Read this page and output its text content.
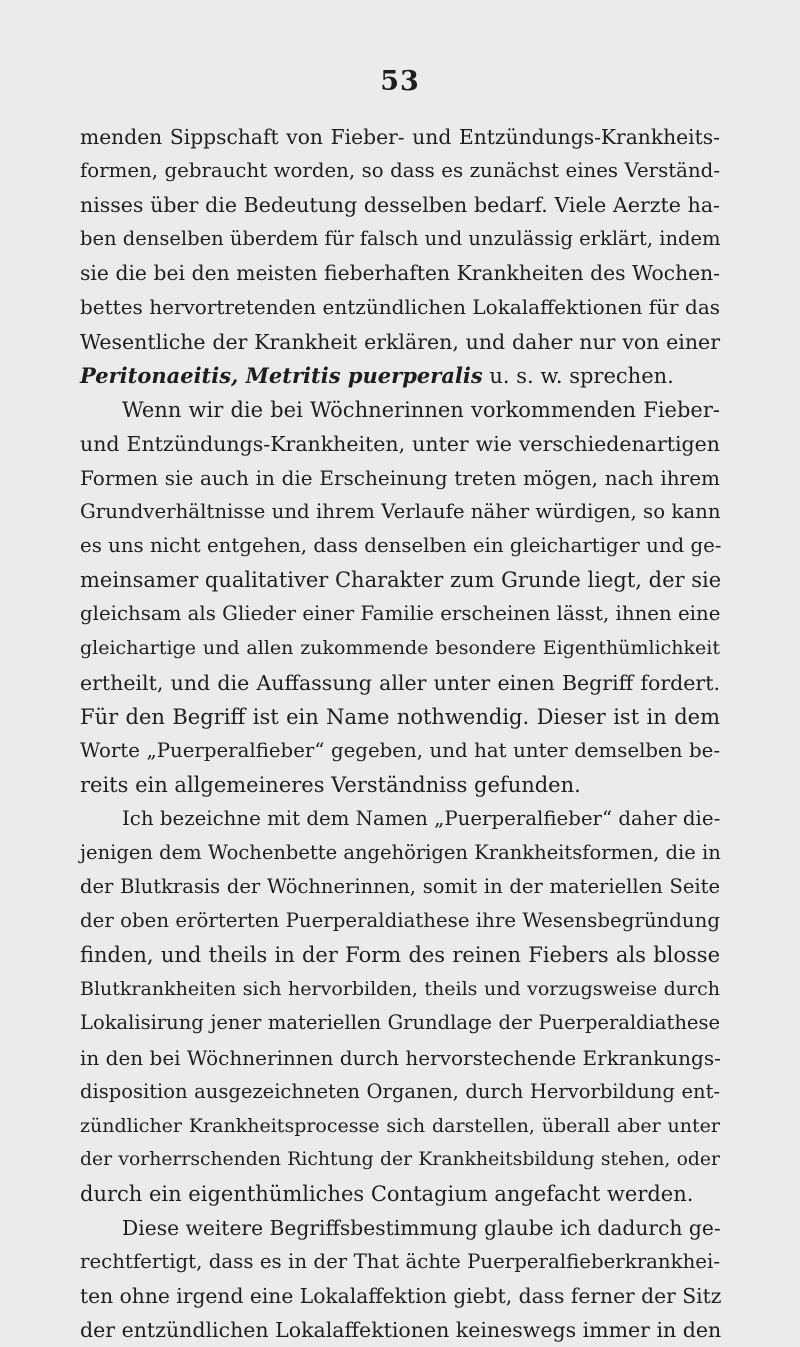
53
menden Sippschaft von Fieber- und Entzündungs-Krankheits-
formen, gebraucht worden, so dass es zunächst eines Verständ-
nisses über die Bedeutung desselben bedarf. Viele Aerzte ha-
ben denselben überdem für falsch und unzulässig erklärt, indem
sie die bei den meisten fieberhaften Krankheiten des Wochen-
bettes hervortretenden entzündlichen Lokalaffektionen für das
Wesentliche der Krankheit erklären, und daher nur von einer
Peritonaeitis, Metritis puerperalis u. s. w. sprechen.
Wenn wir die bei Wöchnerinnen vorkommenden Fieber-
und Entzündungs-Krankheiten, unter wie verschiedenartigen
Formen sie auch in die Erscheinung treten mögen, nach ihrem
Grundverhältnisse und ihrem Verlaufe näher würdigen, so kann
es uns nicht entgehen, dass denselben ein gleichartiger und ge-
meinsamer qualitativer Charakter zum Grunde liegt, der sie
gleichsam als Glieder einer Familie erscheinen lässt, ihnen eine
gleichartige und allen zukommende besondere Eigenthümlichkeit
ertheilt, und die Auffassung aller unter einen Begriff fordert.
Für den Begriff ist ein Name nothwendig. Dieser ist in dem
Worte „Puerperalfieber“ gegeben, und hat unter demselben be-
reits ein allgemeineres Verständniss gefunden.
Ich bezeichne mit dem Namen „Puerperalfieber“ daher die-
jenigen dem Wochenbette angehörigen Krankheitsformen, die in
der Blutkrasis der Wöchnerinnen, somit in der materiellen Seite
der oben erörterten Puerperaldiathese ihre Wesensbegründung
finden, und theils in der Form des reinen Fiebers als blosse
Blutkrankheiten sich hervorbilden, theils und vorzugsweise durch
Lokalisirung jener materiellen Grundlage der Puerperaldiathese
in den bei Wöchnerinnen durch hervorstechende Erkrankungs-
disposition ausgezeichneten Organen, durch Hervorbildung ent-
zündlicher Krankheitsprocesse sich darstellen, überall aber unter
der vorherrschenden Richtung der Krankheitsbildung stehen, oder
durch ein eigenthümliches Contagium angefacht werden.
Diese weitere Begriffsbestimmung glaube ich dadurch ge-
rechtfertigt, dass es in der That ächte Puerperalfieberkrankhei-
ten ohne irgend eine Lokalaffektion giebt, dass ferner der Sitz
der entzündlichen Lokalaffektionen keineswegs immer in den
